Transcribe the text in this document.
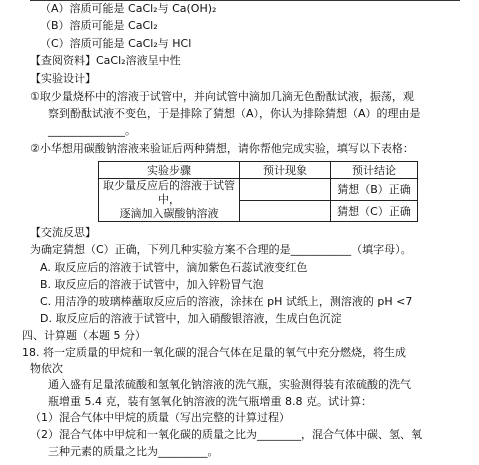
（A）溶质可能是 CaCl₂与 Ca(OH)₂
（B）溶质可能是 CaCl₂
（C）溶质可能是 CaCl₂与 HCl
【查阅资料】CaCl₂溶液呈中性
【实验设计】
①取少量烧杯中的溶液于试管中，并向试管中滴加几滴无色酚酞试液，振荡，观
察到酚酞试液不变色，于是排除了猜想（A），你认为排除猜想（A）的理由是
______________。
②小华想用碳酸钠溶液来验证后两种猜想，请你帮他完成实验，填写以下表格：
实验步骤	预计现象	预计结论

取少量反应后的溶液于试管
中，
逐滴加入碳酸钠溶液		猜想（B）正确
		猜想（C）正确
【交流反思】
为确定猜想（C）正确，下列几种实验方案不合理的是___________（填字母）。
A. 取反应后的溶液于试管中，滴加紫色石蕊试液变红色
B. 取反应后的溶液于试管中，加入锌粉冒气泡
C. 用洁净的玻璃棒蘸取反应后的溶液，涂抹在 pH 试纸上，测溶液的 pH <7
D. 取反应后的溶液于试管中，加入硝酸银溶液，生成白色沉淀
四、计算题（本题 5 分）
18. 将一定质量的甲烷和一氧化碳的混合气体在足量的氧气中充分燃烧，将生成
物依次
通入盛有足量浓硫酸和氢氧化钠溶液的洗气瓶，实验测得装有浓硫酸的洗气
瓶增重 5.4 克，装有氢氧化钠溶液的洗气瓶增重 8.8 克。试计算：
（1）混合气体中甲烷的质量（写出完整的计算过程）
（2）混合气体中甲烷和一氧化碳的质量之比为________，混合气体中碳、氢、氧
三种元素的质量之比为_________。
